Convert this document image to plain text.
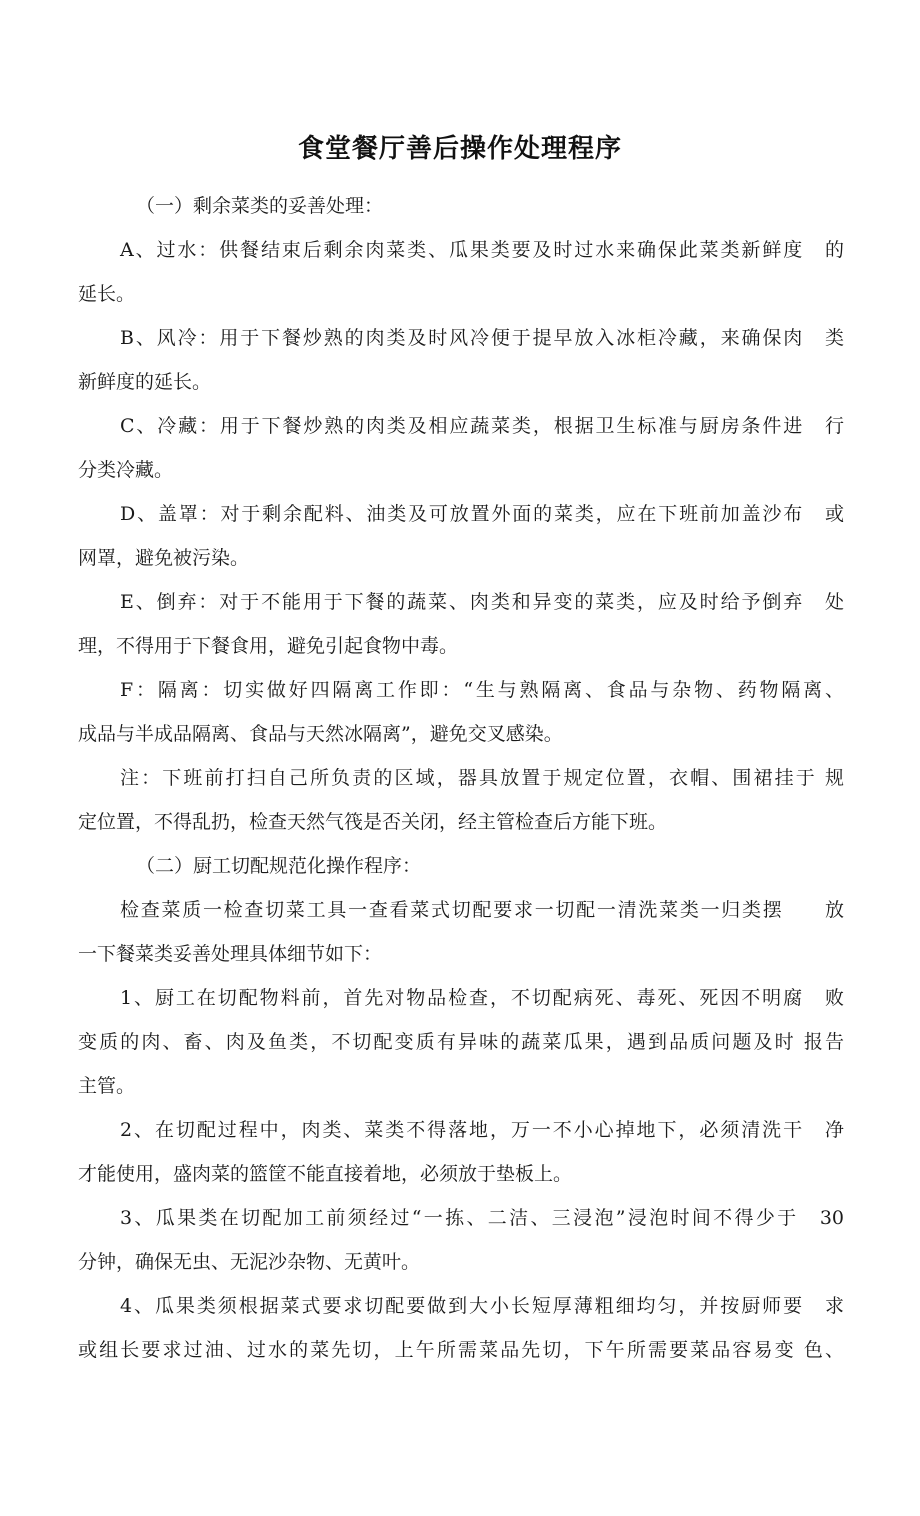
食堂餐厅善后操作处理程序
（一）剩余菜类的妥善处理：
A、过水：供餐结束后剩余肉菜类、瓜果类要及时过水来确保此菜类新鲜度　的
延长。
B、风冷：用于下餐炒熟的肉类及时风冷便于提早放入冰柜冷藏，来确保肉　类
新鲜度的延长。
C、冷藏：用于下餐炒熟的肉类及相应蔬菜类，根据卫生标准与厨房条件进　行
分类冷藏。
D、盖罩：对于剩余配料、油类及可放置外面的菜类，应在下班前加盖沙布　或
网罩，避免被污染。
E、倒弃：对于不能用于下餐的蔬菜、肉类和异变的菜类，应及时给予倒弃　处
理，不得用于下餐食用，避免引起食物中毒。
F：隔离：切实做好四隔离工作即：“生与熟隔离、食品与杂物、药物隔离、
成品与半成品隔离、食品与天然冰隔离”，避免交叉感染。
注：下班前打扫自己所负责的区域，器具放置于规定位置，衣帽、围裙挂于 规
定位置，不得乱扔，检查天然气筏是否关闭，经主管检查后方能下班。
（二）厨工切配规范化操作程序：
检查菜质一检查切菜工具一查看菜式切配要求一切配一清洗菜类一归类摆　　放
一下餐菜类妥善处理具体细节如下：
1、厨工在切配物料前，首先对物品检查，不切配病死、毒死、死因不明腐　败
变质的肉、畜、肉及鱼类，不切配变质有异味的蔬菜瓜果，遇到品质问题及时 报告
主管。
2、在切配过程中，肉类、菜类不得落地，万一不小心掉地下，必须清洗干　净
才能使用，盛肉菜的篮筐不能直接着地，必须放于垫板上。
3、瓜果类在切配加工前须经过“一拣、二洁、三浸泡”浸泡时间不得少于　30
分钟，确保无虫、无泥沙杂物、无黄叶。
4、瓜果类须根据菜式要求切配要做到大小长短厚薄粗细均匀，并按厨师要　求
或组长要求过油、过水的菜先切，上午所需菜品先切，下午所需要菜品容易变 色、
